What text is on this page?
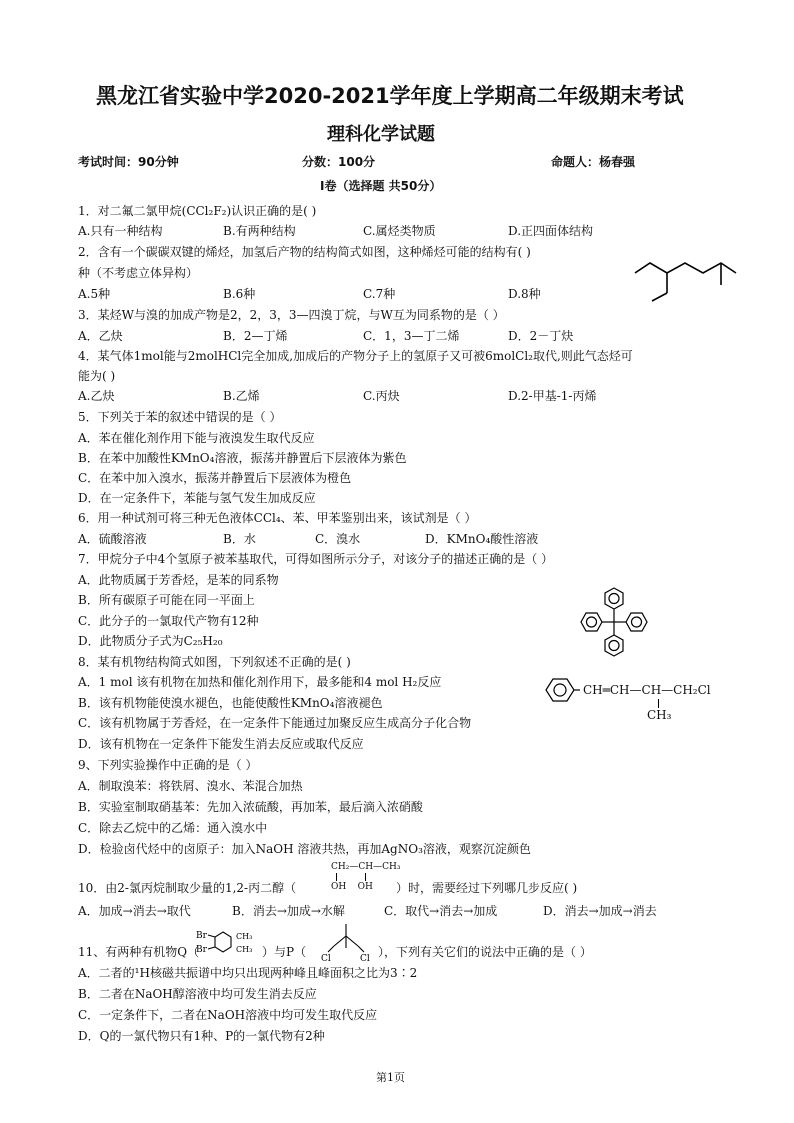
黑龙江省实验中学2020-2021学年度上学期高二年级期末考试
理科化学试题
考试时间：90分钟	分数：100分	命题人：杨春强
I卷（选择题 共50分）
1．对二氟二氯甲烷(CCl₂F₂)认识正确的是( )
A.只有一种结构	B.有两种结构	C.属烃类物质	D.正四面体结构
2．含有一个碳碳双键的烯烃，加氢后产物的结构简式如图，这种烯烃可能的结构有( )
种（不考虑立体异构）
A.5种	B.6种	C.7种	D.8种
3．某烃W与溴的加成产物是2，2，3，3—四溴丁烷，与W互为同系物的是（ ）
A．乙炔	B．2—丁烯	C．1，3—丁二烯	D．2－丁炔
4．某气体1mol能与2molHCl完全加成,加成后的产物分子上的氢原子又可被6molCl₂取代,则此气态烃可
能为( )
A.乙炔	B.乙烯	C.丙炔	D.2-甲基-1-丙烯
5．下列关于苯的叙述中错误的是（ ）
A．苯在催化剂作用下能与液溴发生取代反应
B．在苯中加酸性KMnO₄溶液，振荡并静置后下层液体为紫色
C．在苯中加入溴水，振荡并静置后下层液体为橙色
D．在一定条件下，苯能与氢气发生加成反应
6．用一种试剂可将三种无色液体CCl₄、苯、甲苯鉴别出来，该试剂是（ ）
A．硫酸溶液	B．水	C．溴水	D．KMnO₄酸性溶液
7．甲烷分子中4个氢原子被苯基取代，可得如图所示分子，对该分子的描述正确的是（ ）
A．此物质属于芳香烃，是苯的同系物
B．所有碳原子可能在同一平面上
C．此分子的一氯取代产物有12种
D．此物质分子式为C₂₅H₂₀
8．某有机物结构简式如图，下列叙述不正确的是( )
A．1 mol 该有机物在加热和催化剂作用下，最多能和4 mol H₂反应
B．该有机物能使溴水褪色，也能使酸性KMnO₄溶液褪色
C．该有机物属于芳香烃，在一定条件下能通过加聚反应生成高分子化合物
D．该有机物在一定条件下能发生消去反应或取代反应
CH═CH—CH—CH₂Cl
CH₃
9、下列实验操作中正确的是（ ）
A．制取溴苯：将铁屑、溴水、苯混合加热
B．实验室制取硝基苯：先加入浓硫酸，再加苯，最后滴入浓硝酸
C．除去乙烷中的乙烯：通入溴水中
D．检验卤代烃中的卤原子：加入NaOH 溶液共热，再加AgNO₃溶液，观察沉淀颜色
CH₂—CH—CH₃
10．由2-氯丙烷制取少量的1,2-丙二醇（	OH    OH ）时，需要经过下列哪几步反应( )
A．加成→消去→取代	B．消去→加成→水解	C．取代→消去→加成	D．消去→加成→消去
11、有两种有机物Q（
Br
Br
CH₃
CH₃ ）与P（ Cl	Cl ），下列有关它们的说法中正确的是（ ）
A．二者的¹H核磁共振谱中均只出现两种峰且峰面积之比为3∶2
B．二者在NaOH醇溶液中均可发生消去反应
C．一定条件下，二者在NaOH溶液中均可发生取代反应
D．Q的一氯代物只有1种、P的一氯代物有2种
第1页
